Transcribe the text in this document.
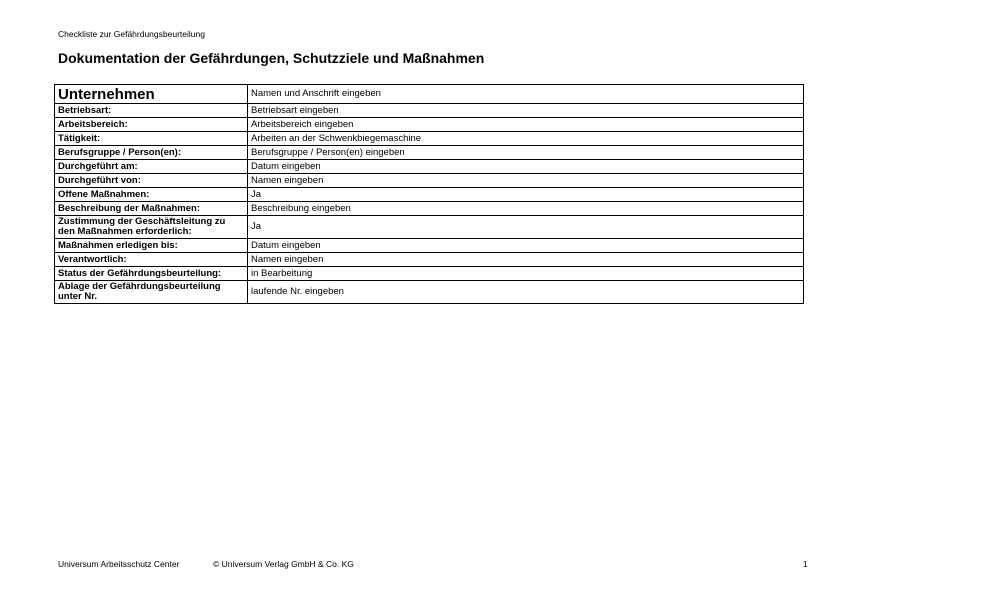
Checkliste zur Gefährdungsbeurteilung
Dokumentation der Gefährdungen, Schutzziele und Maßnahmen
Unternehmen	Namen und Anschrift eingeben
Betriebsart:	Betriebsart eingeben
Arbeitsbereich:	Arbeitsbereich eingeben
Tätigkeit:	Arbeiten an der Schwenkbiegemaschine
Berufsgruppe / Person(en):	Berufsgruppe / Person(en) eingeben
Durchgeführt am:	Datum eingeben
Durchgeführt von:	Namen eingeben
Offene Maßnahmen:	Ja
Beschreibung der Maßnahmen:	Beschreibung eingeben
Zustimmung der Geschäftsleitung zu den Maßnahmen erforderlich:	Ja
Maßnahmen erledigen bis:	Datum eingeben
Verantwortlich:	Namen eingeben
Status der Gefährdungsbeurteilung:	in Bearbeitung
Ablage der Gefährdungsbeurteilung unter Nr.	laufende Nr. eingeben
Universum Arbeitsschutz Center	© Universum Verlag GmbH & Co. KG	1
